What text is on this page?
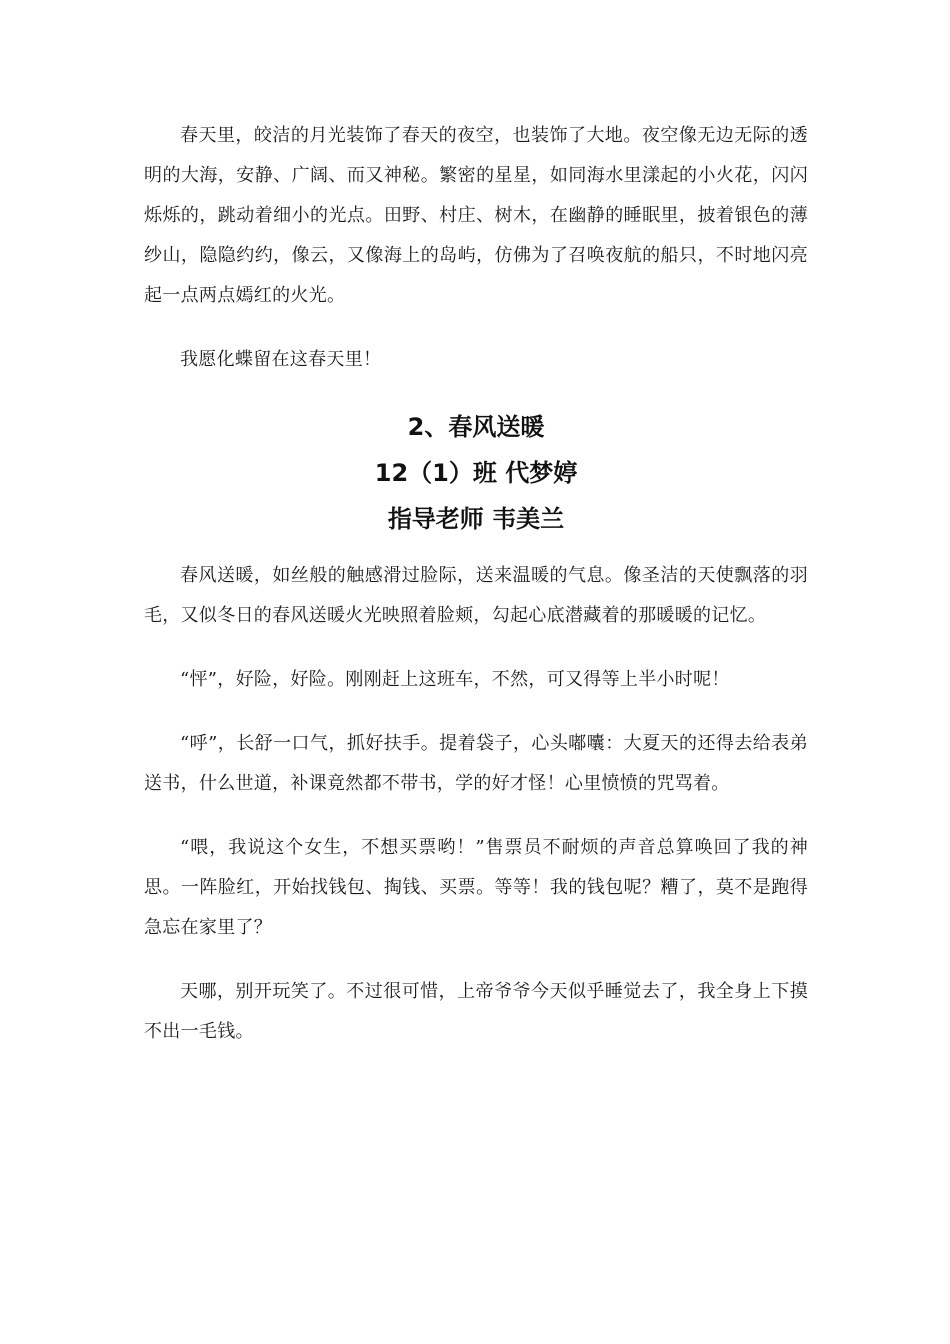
春天里，皎洁的月光装饰了春天的夜空，也装饰了大地。夜空像无边无际的透明的大海，安静、广阔、而又神秘。繁密的星星，如同海水里漾起的小火花，闪闪烁烁的，跳动着细小的光点。田野、村庄、树木，在幽静的睡眠里，披着银色的薄纱山，隐隐约约，像云，又像海上的岛屿，仿佛为了召唤夜航的船只，不时地闪亮起一点两点嫣红的火光。

我愿化蝶留在这春天里！

2、春风送暖

12（1）班 代梦婷

指导老师 韦美兰

春风送暖，如丝般的触感滑过脸际，送来温暖的气息。像圣洁的天使飘落的羽毛，又似冬日的春风送暖火光映照着脸颊，勾起心底潜藏着的那暖暖的记忆。

“怦”，好险，好险。刚刚赶上这班车，不然，可又得等上半小时呢！

“呼”，长舒一口气，抓好扶手。提着袋子，心头嘟囔：大夏天的还得去给表弟送书，什么世道，补课竟然都不带书，学的好才怪！心里愤愤的咒骂着。

“喂，我说这个女生，不想买票哟！”售票员不耐烦的声音总算唤回了我的神思。一阵脸红，开始找钱包、掏钱、买票。等等！我的钱包呢？糟了，莫不是跑得急忘在家里了？

天哪，别开玩笑了。不过很可惜，上帝爷爷今天似乎睡觉去了，我全身上下摸不出一毛钱。
